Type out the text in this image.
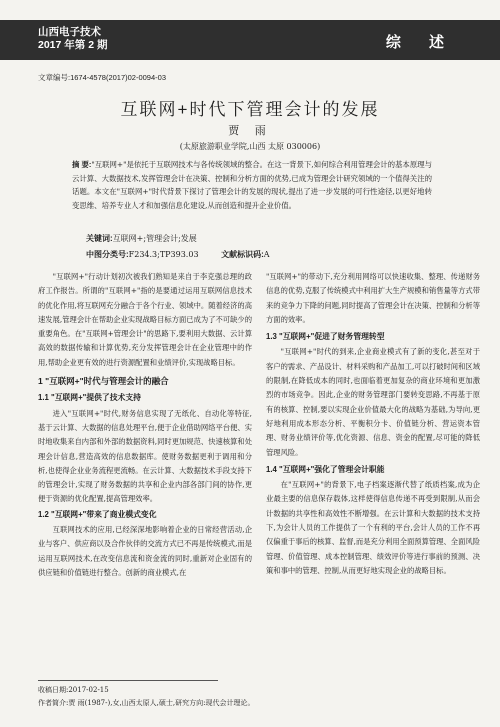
山西电子技术
2017 年第 2 期	综 述
文章编号:1674-4578(2017)02-0094-03
互联网+时代下管理会计的发展
贾 雨
(太原旅游职业学院,山西 太原 030006)
摘 要:"互联网+"是依托于互联网技术与各传统领域的整合。在这一背景下,如何综合利用管理会计的基本原理与云计算、大数据技术,发挥管理会计在决策、控制和分析方面的优势,已成为管理会计研究领域的一个值得关注的话题。本文在"互联网+"时代背景下探讨了管理会计的发展的现状,提出了进一步发展的可行性途径,以更好地转变思维、培养专业人才和加强信息化建设,从而创造和提升企业价值。
关键词:互联网+;管理会计;发展
中图分类号:F234.3;TP393.03	文献标识码:A

"互联网+"行动计划初次被我们熟知是来自于李克强总理的政府工作报告。所谓的"互联网+"指的是要通过运用互联网信息技术的优化作用,将互联网充分融合于各个行业、领域中。随着经济的高速发展,管理会计在帮助企业实现战略目标方面已成为了不可缺少的重要角色。在"互联网+管理会计"的思路下,要利用大数据、云计算高效的数据传输和计算优势,充分发挥管理会计在企业管理中的作用,帮助企业更有效的进行资源配置和业绩评价,实现战略目标。

1 "互联网+"时代与管理会计的融合
1.1 "互联网+"提供了技术支持

进入"互联网+"时代,财务信息实现了无纸化、自动化等特征,基于云计算、大数据的信息处理平台,便于企业借助网络平台便、实时地收集来自内部和外部的数据资料,同时更加规范、快速核算和处理会计信息,营造高效的信息数据库。使财务数据更利于调用和分析,也使得企业业务流程更流畅。在云计算、大数据技术手段支持下的管理会计,实现了财务数据的共享和企业内部各部门间的协作,更便于资源的优化配置,提高管理效率。

1.2 "互联网+"带来了商业模式变化

互联网技术的应用,已经深深地影响着企业的日常经营活动,企业与客户、供应商以及合作伙伴的交流方式已不再是传统模式,而是运用互联网技术,在改变信息流和资金流的同时,重新对企业固有的供应链和价值链进行整合。创新的商业模式,在

"互联网+"的带动下,充分利用网络可以快速收集、整理、传递财务信息的优势,克服了传统模式中利用扩大生产规模和销售量等方式带来的竞争力下降的问题,同时提高了管理会计在决策、控制和分析等方面的效率。

1.3 "互联网+"促进了财务管理转型

"互联网+"时代的到来,企业商业模式有了新的变化,甚至对于客户的需求、产品设计、材料采购和产品加工,可以打破时间和区域的限制,在降低成本的同时,也面临着更加复杂的商业环境和更加激烈的市场竞争。因此,企业的财务管理部门要转变思路,不再基于原有的核算、控制,要以实现企业价值最大化的战略为基础,为导向,更好地利用成本形态分析、平衡积分卡、价值链分析、营运资本管理、财务业绩评价等,优化资源、信息、资金的配置,尽可能的降低管理风险。

1.4 "互联网+"强化了管理会计职能

在"互联网+"的背景下,电子档案逐渐代替了纸质档案,成为企业最主要的信息保存载体,这样使得信息传递不再受到限制,从而会计数据的共享性和高效性不断增强。在云计算和大数据的技术支持下,为会计人员的工作提供了一个有利的平台,会计人员的工作不再仅偏重于事后的核算、监督,而是充分利用全面预算管理、全面风险管理、价值管理、成本控制管理、绩效评价等进行事前的预测、决策和事中的管理、控制,从而更好地实现企业的战略目标。

收稿日期:2017-02-15
作者简介:贾 雨(1987-),女,山西太原人,硕士,研究方向:现代会计理论。
